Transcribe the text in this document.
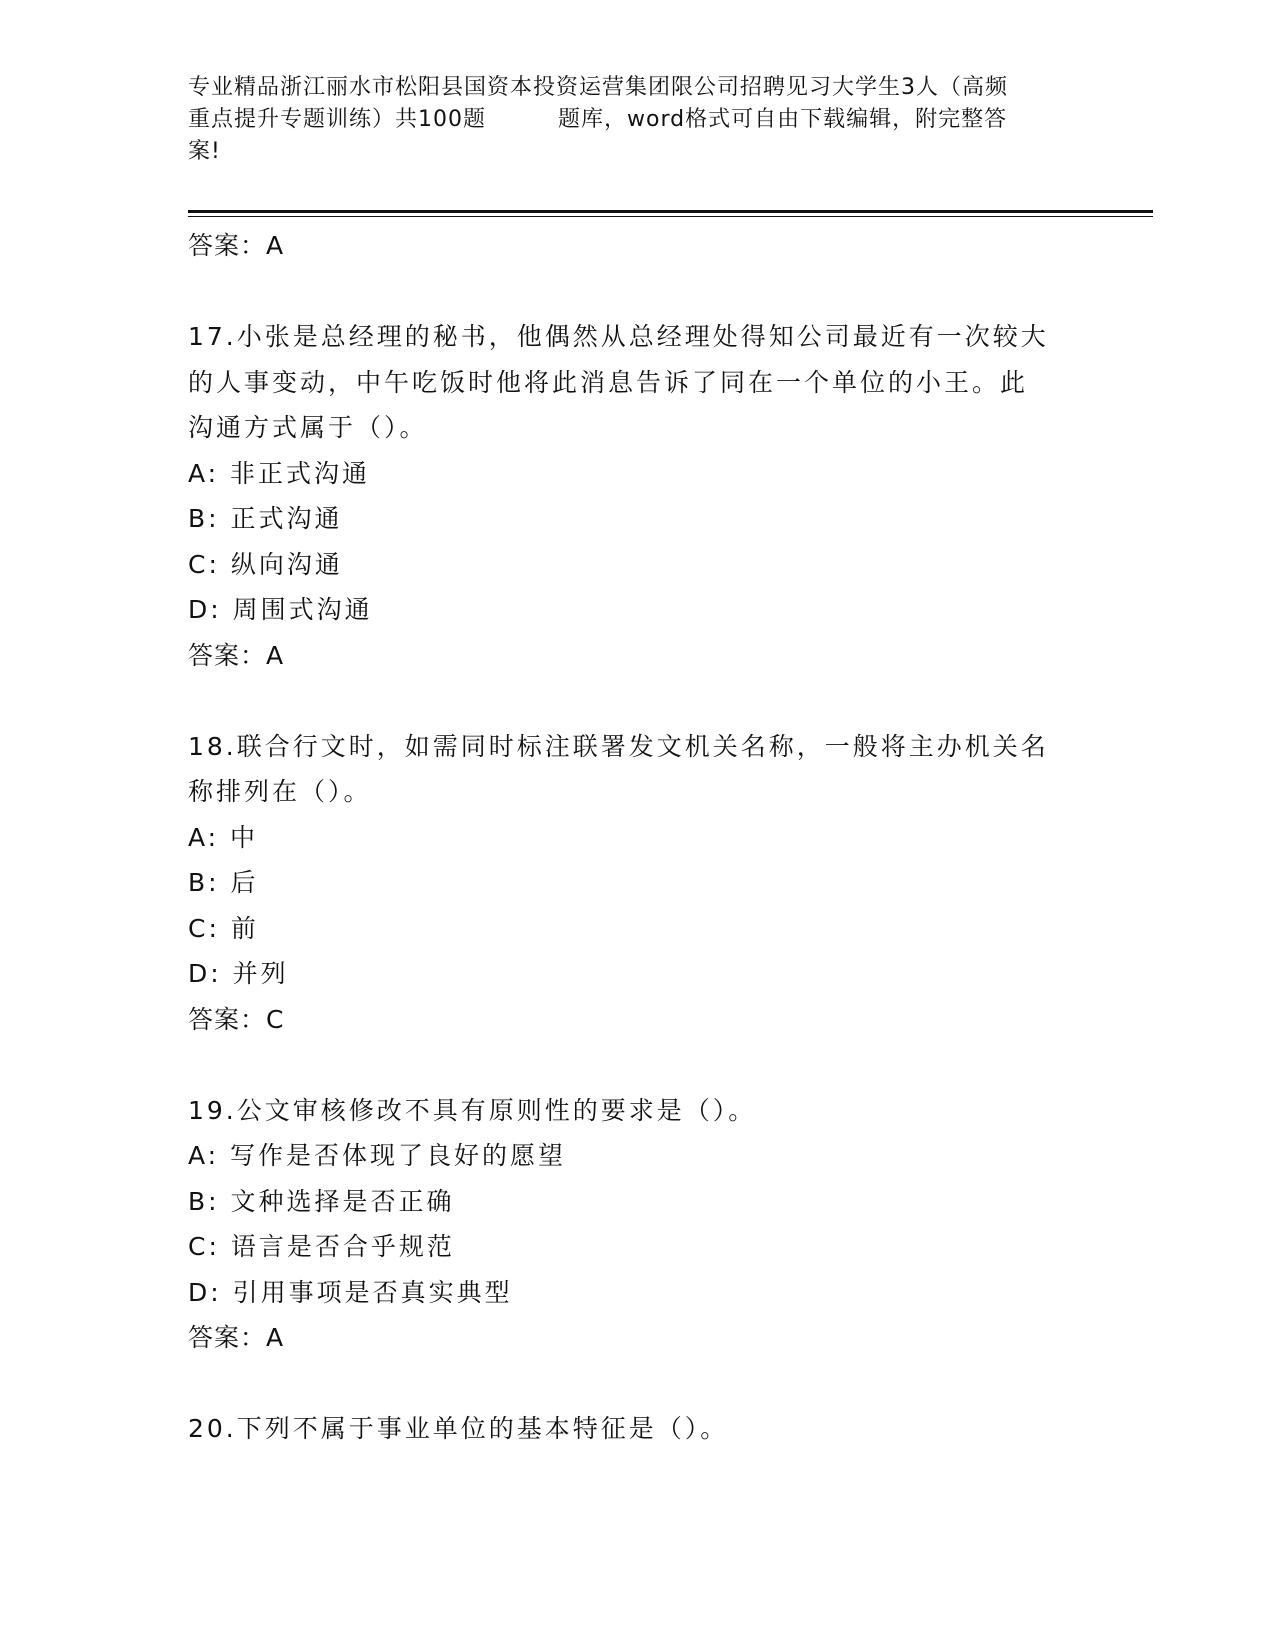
专业精品浙江丽水市松阳县国资本投资运营集团限公司招聘见习大学生3人（高频
重点提升专题训练）共100题	题库，word格式可自由下载编辑，附完整答
案!

答案：A

17.小张是总经理的秘书，他偶然从总经理处得知公司最近有一次较大

的人事变动，中午吃饭时他将此消息告诉了同在一个单位的小王。此

沟通方式属于（）。

A: 非正式沟通

B: 正式沟通

C: 纵向沟通

D: 周围式沟通

答案：A

18.联合行文时，如需同时标注联署发文机关名称，一般将主办机关名

称排列在（）。

A: 中

B: 后

C: 前

D: 并列

答案：C

19.公文审核修改不具有原则性的要求是（）。

A: 写作是否体现了良好的愿望

B: 文种选择是否正确

C: 语言是否合乎规范

D: 引用事项是否真实典型

答案：A

20.下列不属于事业单位的基本特征是（）。
